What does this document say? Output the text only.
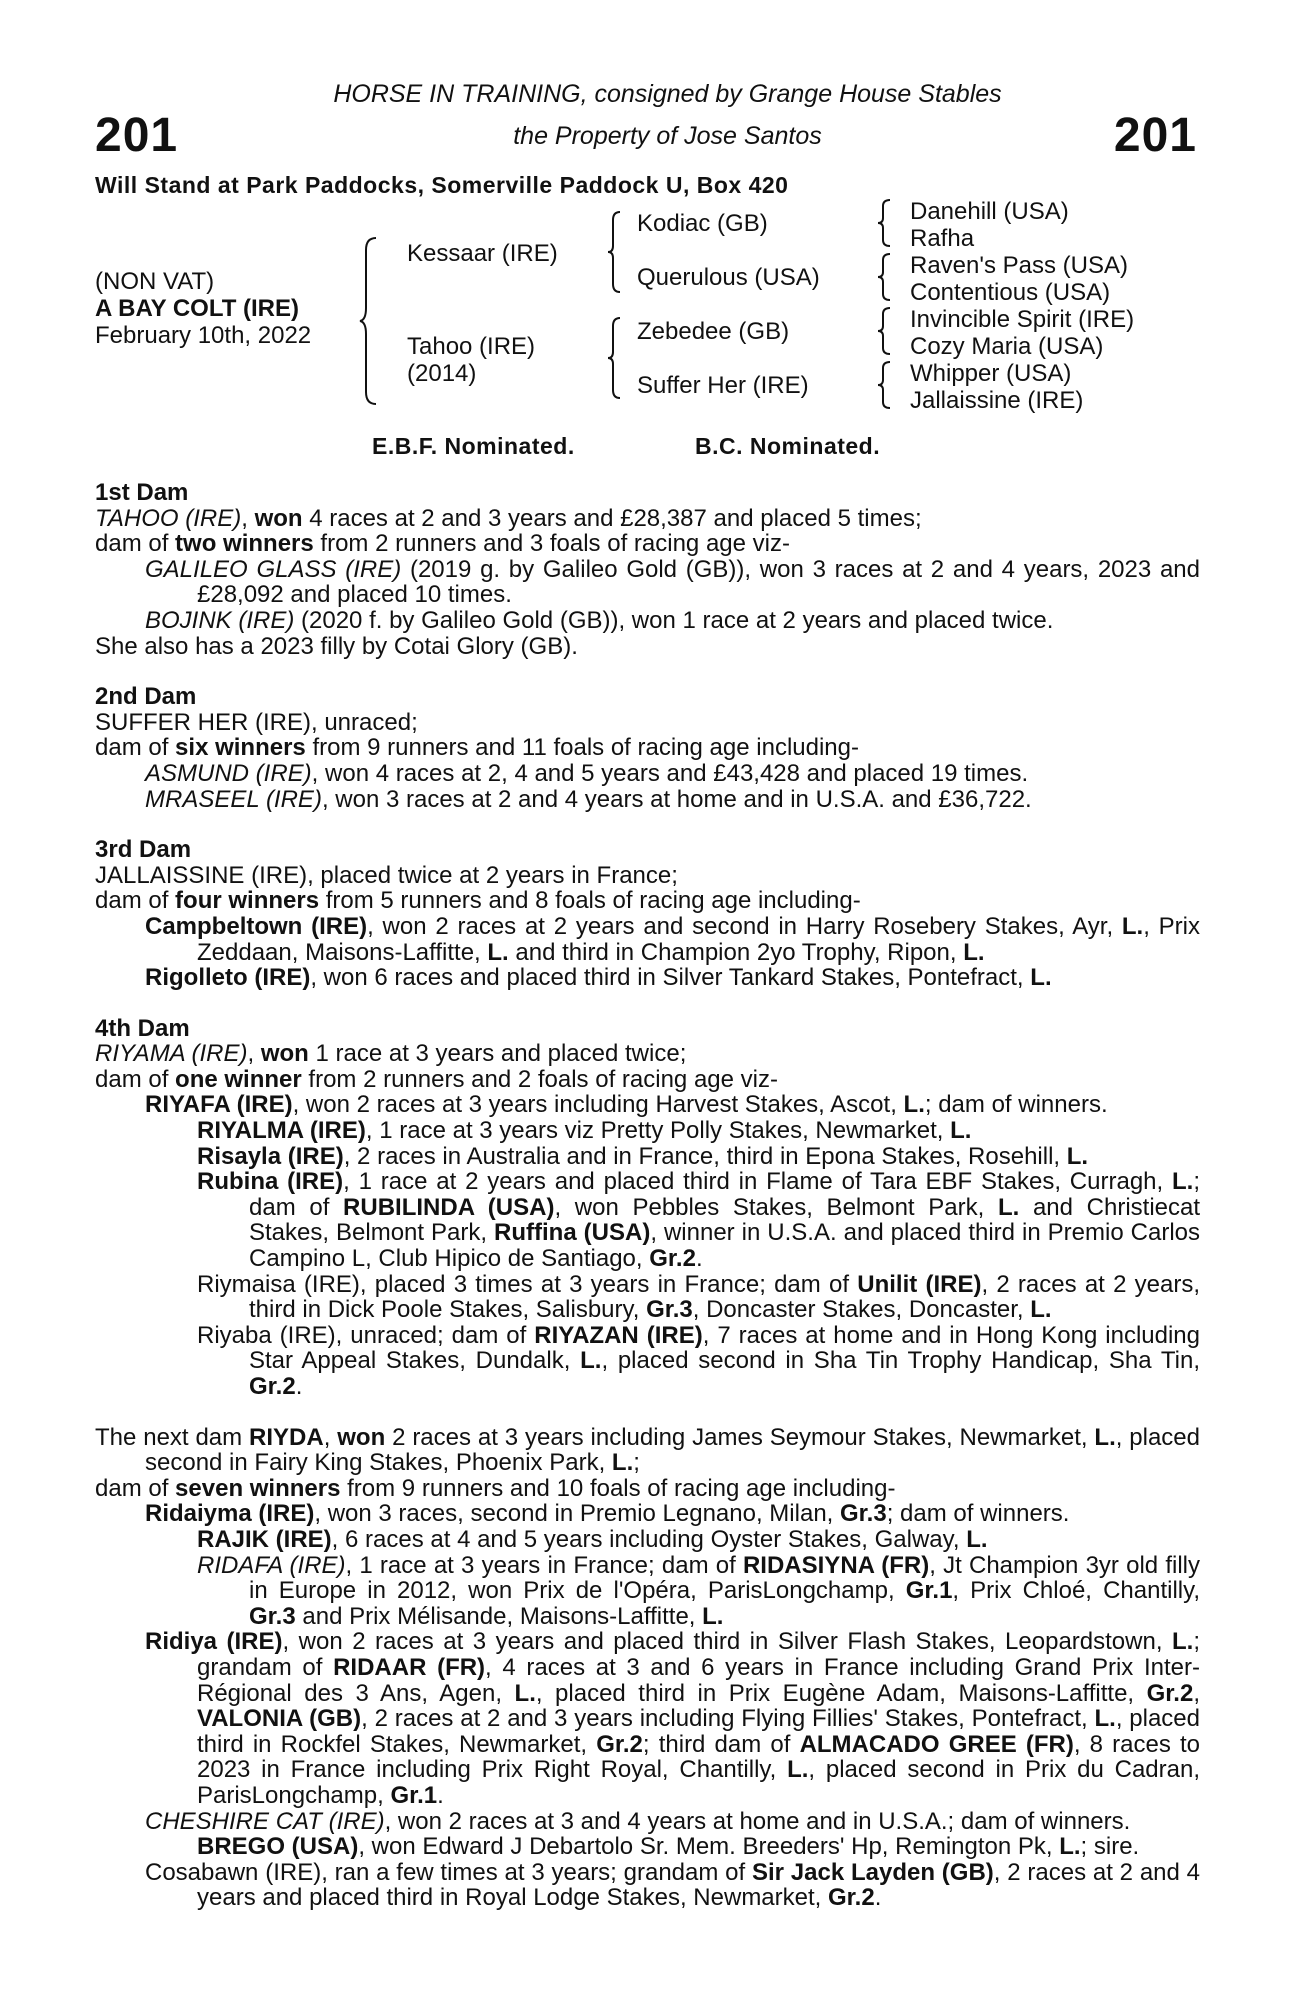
201	201
HORSE IN TRAINING, consigned by Grange House Stables
the Property of Jose Santos
Will Stand at Park Paddocks, Somerville Paddock U, Box 420
(NON VAT)
A BAY COLT (IRE)
February 10th, 2022
Kessaar (IRE)
Tahoo (IRE)
(2014)
Kodiac (GB)
Querulous (USA)
Zebedee (GB)
Suffer Her (IRE)
Danehill (USA)
Rafha
Raven's Pass (USA)
Contentious (USA)
Invincible Spirit (IRE)
Cozy Maria (USA)
Whipper (USA)
Jallaissine (IRE)
E.B.F. Nominated.	B.C. Nominated.
1st Dam
TAHOO (IRE), won 4 races at 2 and 3 years and £28,387 and placed 5 times;
dam of two winners from 2 runners and 3 foals of racing age viz-
GALILEO GLASS (IRE) (2019 g. by Galileo Gold (GB)), won 3 races at 2 and 4 years, 2023 and £28,092 and placed 10 times.
BOJINK (IRE) (2020 f. by Galileo Gold (GB)), won 1 race at 2 years and placed twice.
She also has a 2023 filly by Cotai Glory (GB).
2nd Dam
SUFFER HER (IRE), unraced;
dam of six winners from 9 runners and 11 foals of racing age including-
ASMUND (IRE), won 4 races at 2, 4 and 5 years and £43,428 and placed 19 times.
MRASEEL (IRE), won 3 races at 2 and 4 years at home and in U.S.A. and £36,722.
3rd Dam
JALLAISSINE (IRE), placed twice at 2 years in France;
dam of four winners from 5 runners and 8 foals of racing age including-
Campbeltown (IRE), won 2 races at 2 years and second in Harry Rosebery Stakes, Ayr, L., Prix Zeddaan, Maisons-Laffitte, L. and third in Champion 2yo Trophy, Ripon, L.
Rigolleto (IRE), won 6 races and placed third in Silver Tankard Stakes, Pontefract, L.
4th Dam
RIYAMA (IRE), won 1 race at 3 years and placed twice;
dam of one winner from 2 runners and 2 foals of racing age viz-
RIYAFA (IRE), won 2 races at 3 years including Harvest Stakes, Ascot, L.; dam of winners.
RIYALMA (IRE), 1 race at 3 years viz Pretty Polly Stakes, Newmarket, L.
Risayla (IRE), 2 races in Australia and in France, third in Epona Stakes, Rosehill, L.
Rubina (IRE), 1 race at 2 years and placed third in Flame of Tara EBF Stakes, Curragh, L.; dam of RUBILINDA (USA), won Pebbles Stakes, Belmont Park, L. and Christiecat Stakes, Belmont Park, Ruffina (USA), winner in U.S.A. and placed third in Premio Carlos Campino L, Club Hipico de Santiago, Gr.2.
Riymaisa (IRE), placed 3 times at 3 years in France; dam of Unilit (IRE), 2 races at 2 years, third in Dick Poole Stakes, Salisbury, Gr.3, Doncaster Stakes, Doncaster, L.
Riyaba (IRE), unraced; dam of RIYAZAN (IRE), 7 races at home and in Hong Kong including Star Appeal Stakes, Dundalk, L., placed second in Sha Tin Trophy Handicap, Sha Tin, Gr.2.
The next dam RIYDA, won 2 races at 3 years including James Seymour Stakes, Newmarket, L., placed second in Fairy King Stakes, Phoenix Park, L.;
dam of seven winners from 9 runners and 10 foals of racing age including-
Ridaiyma (IRE), won 3 races, second in Premio Legnano, Milan, Gr.3; dam of winners.
RAJIK (IRE), 6 races at 4 and 5 years including Oyster Stakes, Galway, L.
RIDAFA (IRE), 1 race at 3 years in France; dam of RIDASIYNA (FR), Jt Champion 3yr old filly in Europe in 2012, won Prix de l'Opéra, ParisLongchamp, Gr.1, Prix Chloé, Chantilly, Gr.3 and Prix Mélisande, Maisons-Laffitte, L.
Ridiya (IRE), won 2 races at 3 years and placed third in Silver Flash Stakes, Leopardstown, L.; grandam of RIDAAR (FR), 4 races at 3 and 6 years in France including Grand Prix Inter-Régional des 3 Ans, Agen, L., placed third in Prix Eugène Adam, Maisons-Laffitte, Gr.2, VALONIA (GB), 2 races at 2 and 3 years including Flying Fillies' Stakes, Pontefract, L., placed third in Rockfel Stakes, Newmarket, Gr.2; third dam of ALMACADO GREE (FR), 8 races to 2023 in France including Prix Right Royal, Chantilly, L., placed second in Prix du Cadran, ParisLongchamp, Gr.1.
CHESHIRE CAT (IRE), won 2 races at 3 and 4 years at home and in U.S.A.; dam of winners.
BREGO (USA), won Edward J Debartolo Sr. Mem. Breeders' Hp, Remington Pk, L.; sire.
Cosabawn (IRE), ran a few times at 3 years; grandam of Sir Jack Layden (GB), 2 races at 2 and 4 years and placed third in Royal Lodge Stakes, Newmarket, Gr.2.
